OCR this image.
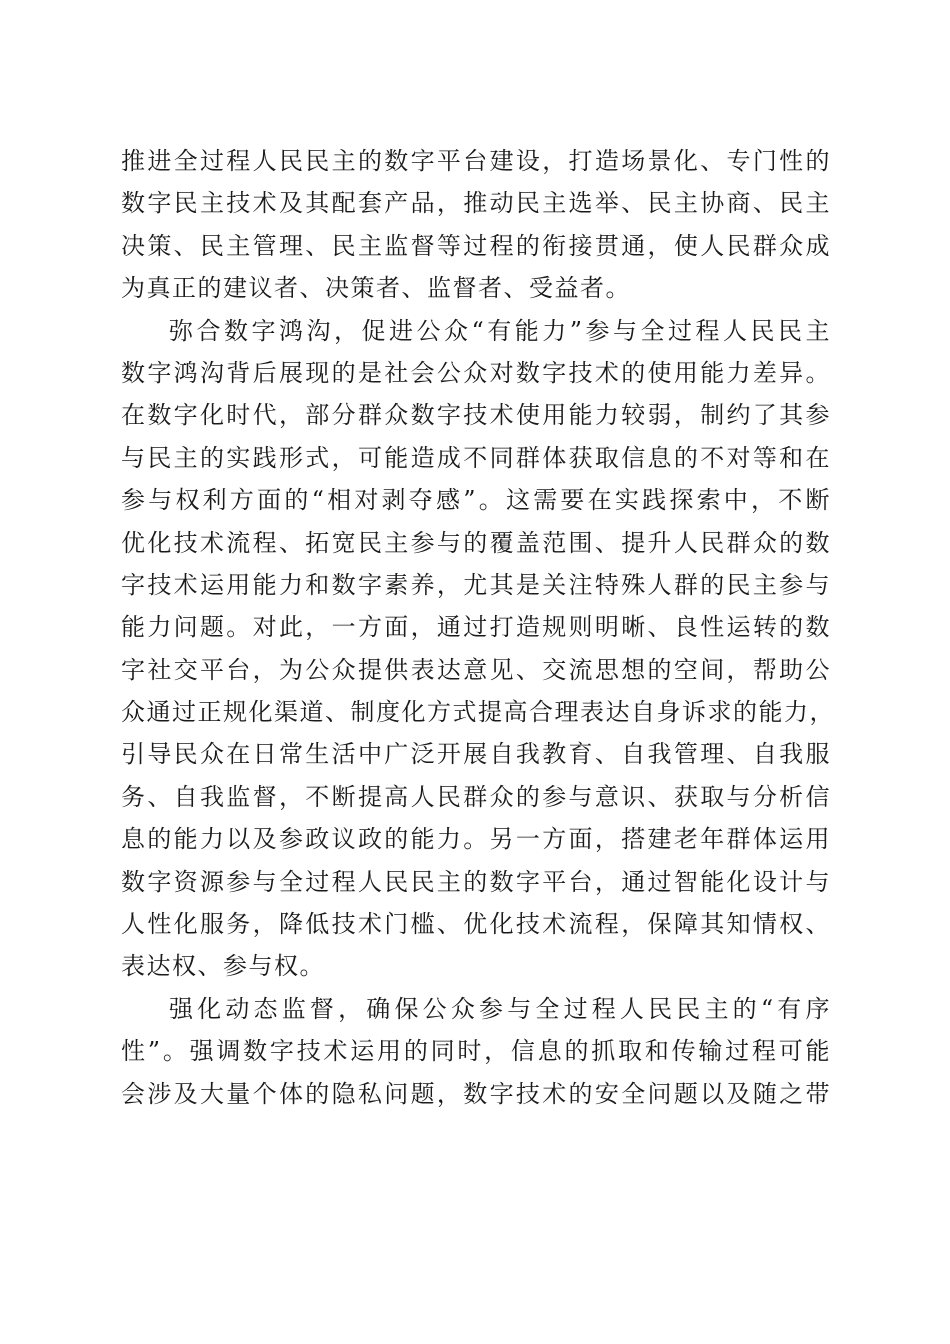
推进全过程人民民主的数字平台建设，打造场景化、专门性的
数字民主技术及其配套产品，推动民主选举、民主协商、民主
决策、民主管理、民主监督等过程的衔接贯通，使人民群众成
为真正的建议者、决策者、监督者、受益者。
弥合数字鸿沟，促进公众“有能力”参与全过程人民民主
数字鸿沟背后展现的是社会公众对数字技术的使用能力差异。
在数字化时代，部分群众数字技术使用能力较弱，制约了其参
与民主的实践形式，可能造成不同群体获取信息的不对等和在
参与权利方面的“相对剥夺感”。这需要在实践探索中，不断
优化技术流程、拓宽民主参与的覆盖范围、提升人民群众的数
字技术运用能力和数字素养，尤其是关注特殊人群的民主参与
能力问题。对此，一方面，通过打造规则明晰、良性运转的数
字社交平台，为公众提供表达意见、交流思想的空间，帮助公
众通过正规化渠道、制度化方式提高合理表达自身诉求的能力，
引导民众在日常生活中广泛开展自我教育、自我管理、自我服
务、自我监督，不断提高人民群众的参与意识、获取与分析信
息的能力以及参政议政的能力。另一方面，搭建老年群体运用
数字资源参与全过程人民民主的数字平台，通过智能化设计与
人性化服务，降低技术门槛、优化技术流程，保障其知情权、
表达权、参与权。
强化动态监督，确保公众参与全过程人民民主的“有序
性”。强调数字技术运用的同时，信息的抓取和传输过程可能
会涉及大量个体的隐私问题，数字技术的安全问题以及随之带
